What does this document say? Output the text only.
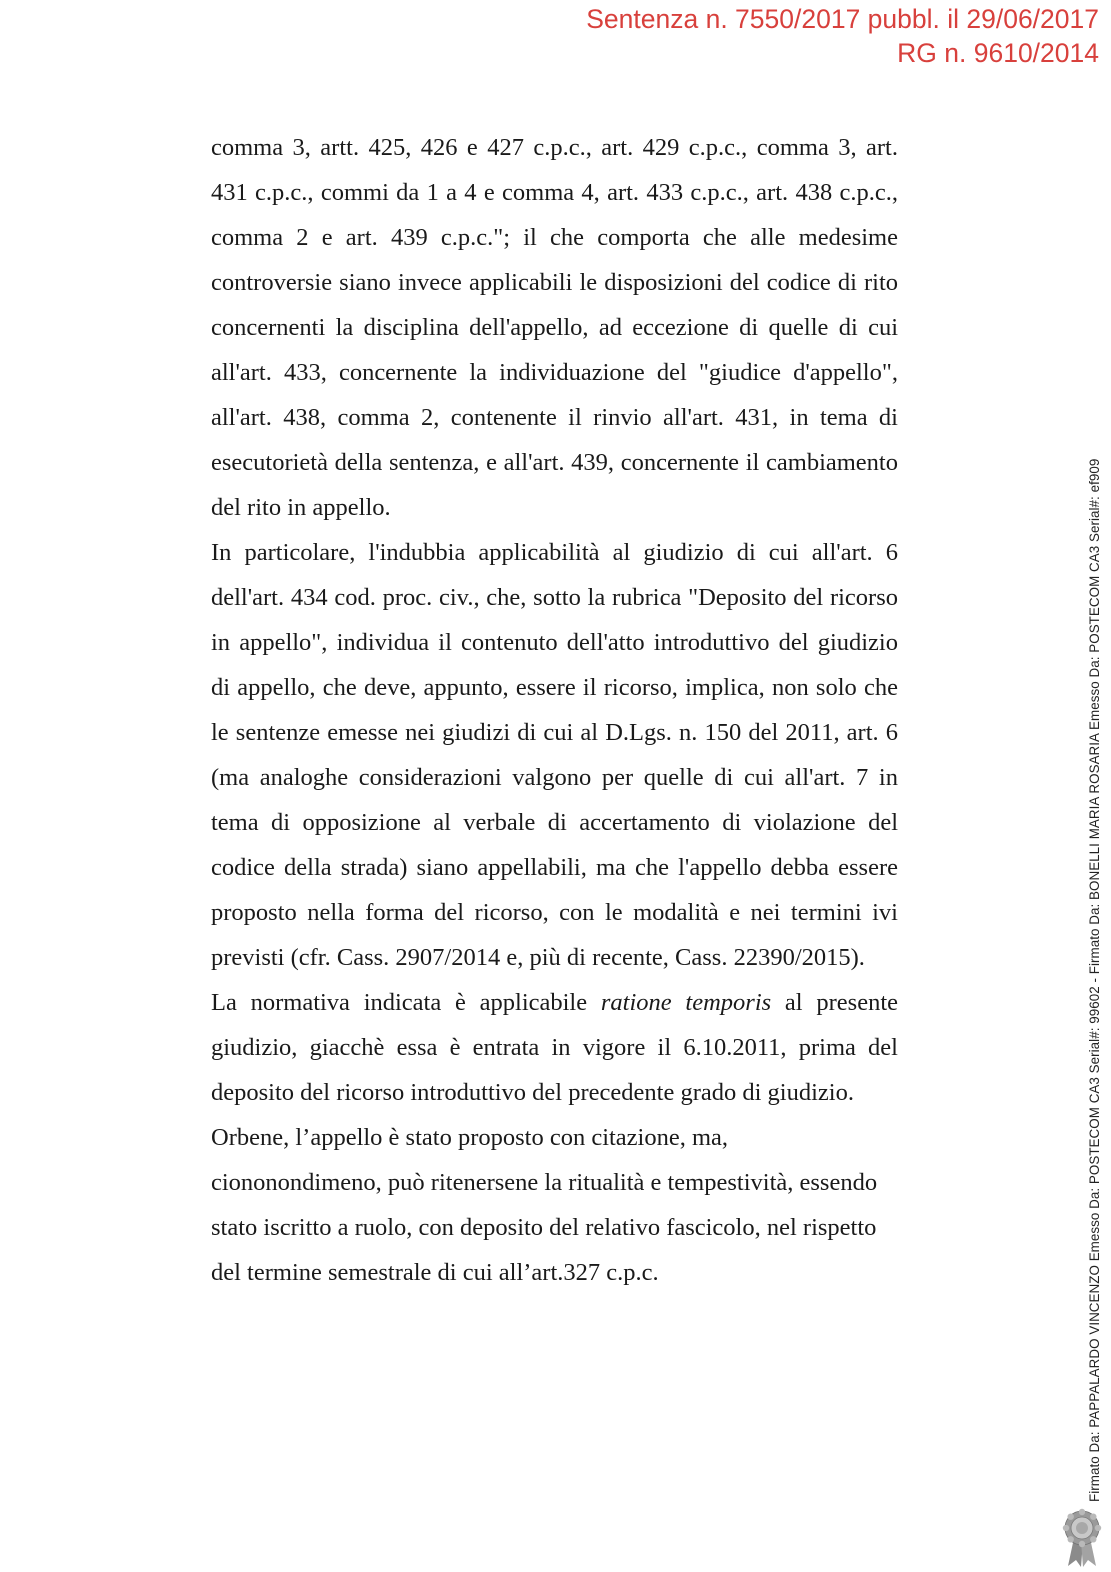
Sentenza n. 7550/2017 pubbl. il 29/06/2017
RG n. 9610/2014

comma 3, artt. 425, 426 e 427 c.p.c., art. 429 c.p.c., comma 3, art. 431 c.p.c., commi da 1 a 4 e comma 4, art. 433 c.p.c., art. 438 c.p.c., comma 2 e art. 439 c.p.c."; il che comporta che alle medesime controversie siano invece applicabili le disposizioni del codice di rito concernenti la disciplina dell'appello, ad eccezione di quelle di cui all'art. 433, concernente la individuazione del "giudice d'appello", all'art. 438, comma 2, contenente il rinvio all'art. 431, in tema di esecutorietà della sentenza, e all'art. 439, concernente il cambiamento del rito in appello.

In particolare, l'indubbia applicabilità al giudizio di cui all'art. 6 dell'art. 434 cod. proc. civ., che, sotto la rubrica "Deposito del ricorso in appello", individua il contenuto dell'atto introduttivo del giudizio di appello, che deve, appunto, essere il ricorso, implica, non solo che le sentenze emesse nei giudizi di cui al D.Lgs. n. 150 del 2011, art. 6 (ma analoghe considerazioni valgono per quelle di cui all'art. 7 in tema di opposizione al verbale di accertamento di violazione del codice della strada) siano appellabili, ma che l'appello debba essere proposto nella forma del ricorso, con le modalità e nei termini ivi previsti (cfr. Cass. 2907/2014 e, più di recente, Cass. 22390/2015).

La normativa indicata è applicabile ratione temporis al presente giudizio, giacchè essa è entrata in vigore il 6.10.2011, prima del deposito del ricorso introduttivo del precedente grado di giudizio.

Orbene, l’appello è stato proposto con citazione, ma, ciononondimeno, può ritenersene la ritualità e tempestività, essendo stato iscritto a ruolo, con deposito del relativo fascicolo, nel rispetto del termine semestrale di cui all’art.327 c.p.c.	Firmato Da: PAPPALARDO VINCENZO Emesso Da: POSTECOM CA3 Serial#: 99602 - Firmato Da: BONELLI MARIA ROSARIA Emesso Da: POSTECOM CA3 Serial#: ef909
